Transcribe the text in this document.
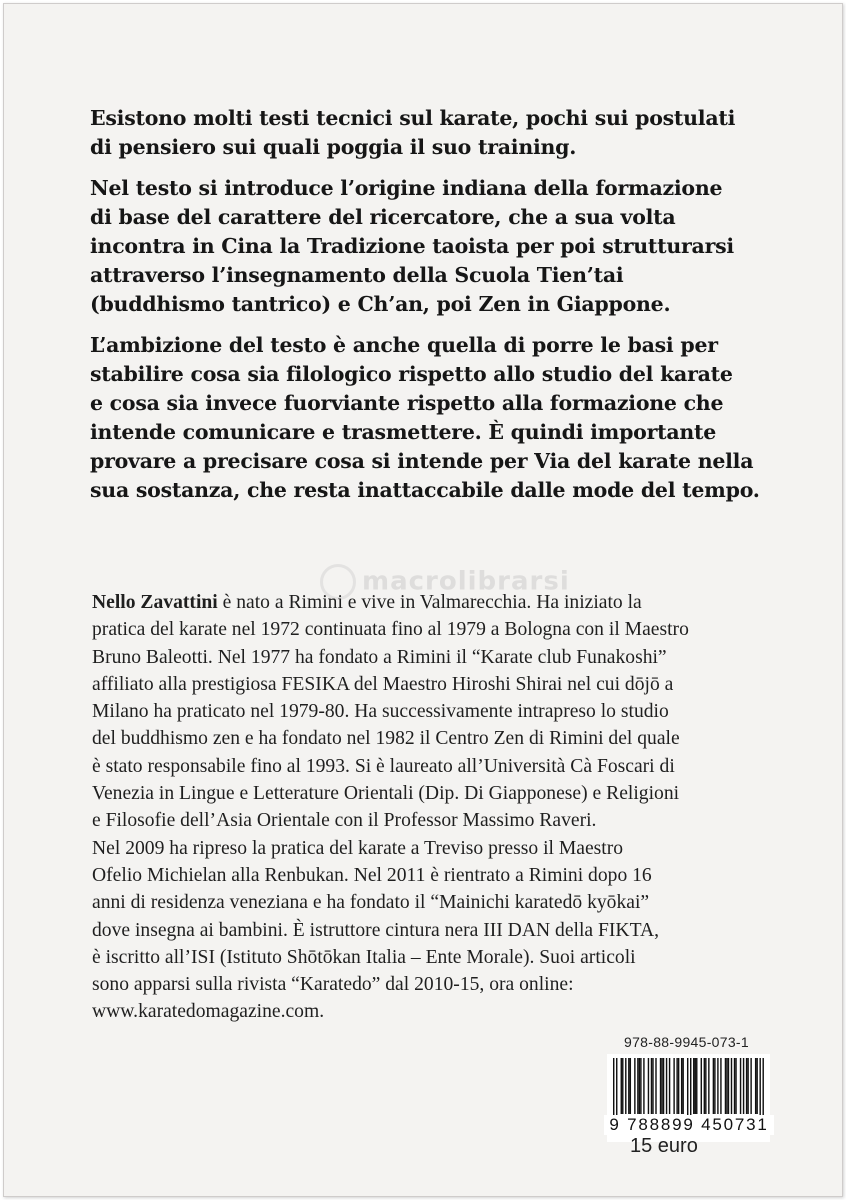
Esistono molti testi tecnici sul karate, pochi sui postulati
di pensiero sui quali poggia il suo training.

Nel testo si introduce l’origine indiana della formazione
di base del carattere del ricercatore, che a sua volta
incontra in Cina la Tradizione taoista per poi strutturarsi
attraverso l’insegnamento della Scuola Tien’tai
(buddhismo tantrico) e Ch’an, poi Zen in Giappone.

L’ambizione del testo è anche quella di porre le basi per
stabilire cosa sia filologico rispetto allo studio del karate
e cosa sia invece fuorviante rispetto alla formazione che
intende comunicare e trasmettere. È quindi importante
provare a precisare cosa si intende per Via del karate nella
sua sostanza, che resta inattaccabile dalle mode del tempo.

macrolibrarsi

Nello Zavattini è nato a Rimini e vive in Valmarecchia. Ha iniziato la
pratica del karate nel 1972 continuata fino al 1979 a Bologna con il Maestro
Bruno Baleotti. Nel 1977 ha fondato a Rimini il “Karate club Funakoshi”
affiliato alla prestigiosa FESIKA del Maestro Hiroshi Shirai nel cui dōjō a
Milano ha praticato nel 1979-80. Ha successivamente intrapreso lo studio
del buddhismo zen e ha fondato nel 1982 il Centro Zen di Rimini del quale
è stato responsabile fino al 1993. Si è laureato all’Università Cà Foscari di
Venezia in Lingue e Letterature Orientali (Dip. Di Giapponese) e Religioni
e Filosofie dell’Asia Orientale con il Professor Massimo Raveri.
Nel 2009 ha ripreso la pratica del karate a Treviso presso il Maestro
Ofelio Michielan alla Renbukan. Nel 2011 è rientrato a Rimini dopo 16
anni di residenza veneziana e ha fondato il “Mainichi karatedō kyōkai”
dove insegna ai bambini. È istruttore cintura nera III DAN della FIKTA,
è iscritto all’ISI (Istituto Shōtōkan Italia – Ente Morale). Suoi articoli
sono apparsi sulla rivista “Karatedo” dal 2010-15, ora online:
www.karatedomagazine.com.

978-88-9945-073-1
9 788899 450731
15 euro
